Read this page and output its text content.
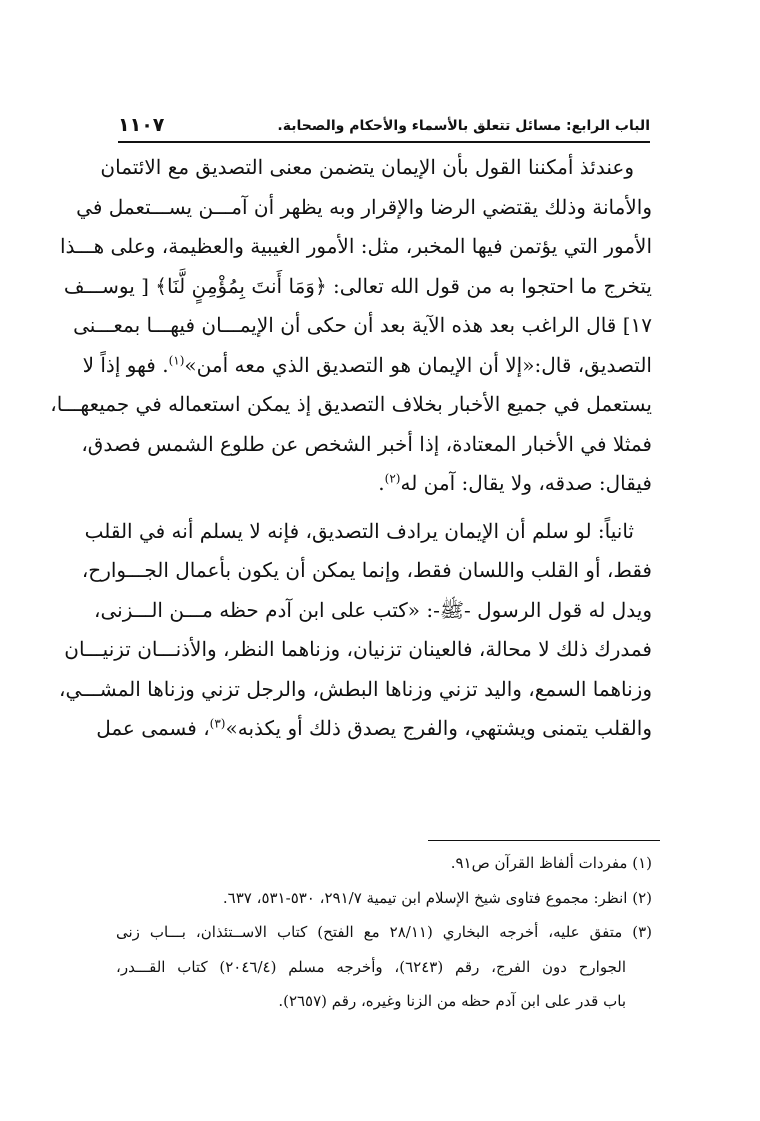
الباب الرابع: مسائل تتعلق بالأسماء والأحكام والصحابة.
١١٠٧
وعندئذ أمكننا القول بأن الإيمان يتضمن معنى التصديق مع الائتمان
والأمانة وذلك يقتضي الرضا والإقرار وبه يظهر أن آمـــن يســـتعمل في
الأمور التي يؤتمن فيها المخبر، مثل: الأمور الغيبية والعظيمة، وعلى هـــذا
يتخرج ما احتجوا به من قول الله تعالى: ﴿وَمَا أَنتَ بِمُؤْمِنٍ لَّنَا﴾ [ يوســـف
١٧] قال الراغب بعد هذه الآية بعد أن حكى أن الإيمـــان فيهـــا بمعـــنى
التصديق، قال:«إلا أن الإيمان هو التصديق الذي معه أمن»$^{(١)}$. فهو إذاً لا
يستعمل في جميع الأخبار بخلاف التصديق إذ يمكن استعماله في جميعهـــا،
فمثلا في الأخبار المعتادة، إذا أخبر الشخص عن طلوع الشمس فصدق،
فيقال: صدقه، ولا يقال: آمن له$^{(٢)}$.
ثانياً: لو سلم أن الإيمان يرادف التصديق، فإنه لا يسلم أنه في القلب
فقط، أو القلب واللسان فقط، وإنما يمكن أن يكون بأعمال الجـــوارح،
ويدل له قول الرسول -ﷺ-: «كتب على ابن آدم حظه مـــن الـــزنى،
فمدرك ذلك لا محالة، فالعينان تزنيان، وزناهما النظر، والأذنـــان تزنيـــان
وزناهما السمع، واليد تزني وزناها البطش، والرجل تزني وزناها المشـــي،
والقلب يتمنى ويشتهي، والفرج يصدق ذلك أو يكذبه»$^{(٣)}$، فسمى عمل
(١) مفردات ألفاظ القرآن ص٩١.
(٢) انظر: مجموع فتاوى شيخ الإسلام ابن تيمية ٢٩١/٧، ٥٣٠-٥٣١، ٦٣٧.
(٣) متفق عليه، أخرجه البخاري (٢٨/١١ مع الفتح) كتاب الاســتئذان، بـــاب زنى
الجوارح دون الفرج، رقم (٦٢٤٣)، وأخرجه مسلم (٢٠٤٦/٤) كتاب القـــدر،
باب قدر على ابن آدم حظه من الزنا وغيره، رقم (٢٦٥٧).
